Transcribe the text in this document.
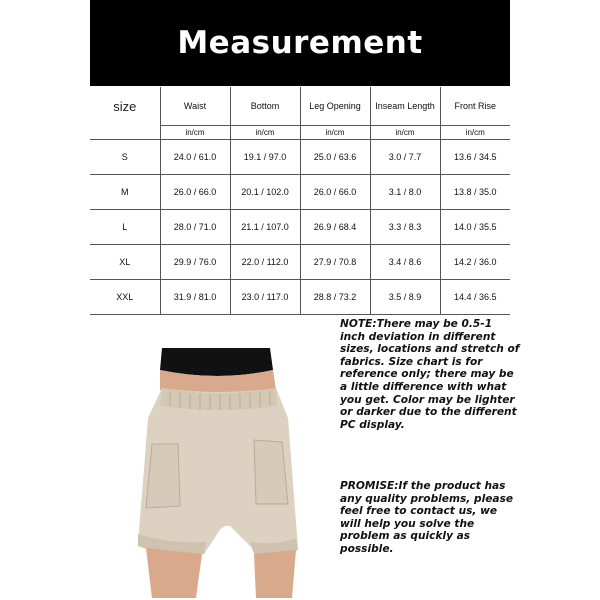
Measurement
size	Waist	Bottom	Leg Opening	Inseam Length	Front Rise
	in/cm	in/cm	in/cm	in/cm	in/cm
S	24.0 / 61.0	19.1 / 97.0	25.0 / 63.6	3.0 / 7.7	13.6 / 34.5
M	26.0 / 66.0	20.1 / 102.0	26.0 / 66.0	3.1 / 8.0	13.8 / 35.0
L	28.0 / 71.0	21.1 / 107.0	26.9 / 68.4	3.3 / 8.3	14.0 / 35.5
XL	29.9 / 76.0	22.0 / 112.0	27.9 / 70.8	3.4 / 8.6	14.2 / 36.0
XXL	31.9 / 81.0	23.0 / 117.0	28.8 / 73.2	3.5 / 8.9	14.4 / 36.5
NOTE:There may be 0.5-1 inch deviation in different sizes, locations and stretch of fabrics. Size chart is for reference only; there may be a little difference with what you get. Color may be lighter or darker due to the different PC display.
PROMISE:If the product has any quality problems, please feel free to contact us, we will help you solve the problem as quickly as possible.
